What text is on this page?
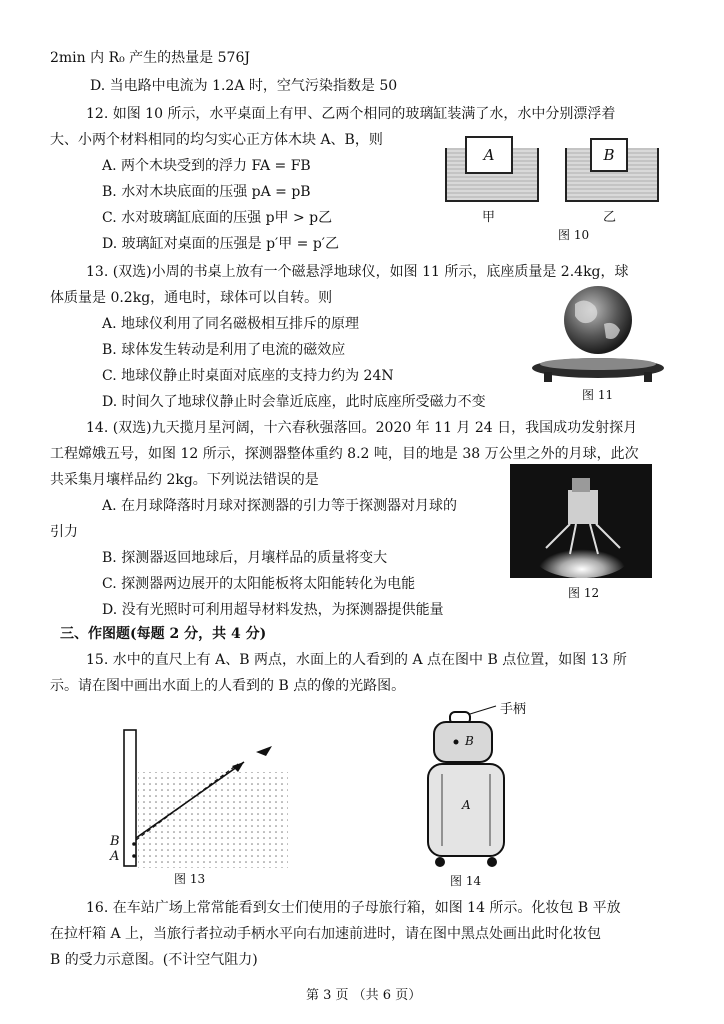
2min 内 R₀ 产生的热量是 576J
D. 当电路中电流为 1.2A 时，空气污染指数是 50
12. 如图 10 所示，水平桌面上有甲、乙两个相同的玻璃缸装满了水，水中分别漂浮着
大、小两个材料相同的均匀实心正方体木块 A、B，则
A. 两个木块受到的浮力 FA = FB
B. 水对木块底面的压强 pA = pB
C. 水对玻璃缸底面的压强 p甲 > p乙
D. 玻璃缸对桌面的压强是 p′甲 = p′乙
A	B
甲	乙
图 10
13. (双选)小周的书桌上放有一个磁悬浮地球仪，如图 11 所示，底座质量是 2.4kg，球
体质量是 0.2kg，通电时，球体可以自转。则
A. 地球仪利用了同名磁极相互排斥的原理
B. 球体发生转动是利用了电流的磁效应
C. 地球仪静止时桌面对底座的支持力约为 24N
D. 时间久了地球仪静止时会靠近底座，此时底座所受磁力不变	图 11
14. (双选)九天揽月星河阔，十六春秋强落回。2020 年 11 月 24 日，我国成功发射探月
工程嫦娥五号，如图 12 所示，探测器整体重约 8.2 吨，目的地是 38 万公里之外的月球，此次
共采集月壤样品约 2kg。下列说法错误的是
A. 在月球降落时月球对探测器的引力等于探测器对月球的
引力
B. 探测器返回地球后，月壤样品的质量将变大
C. 探测器两边展开的太阳能板将太阳能转化为电能
D. 没有光照时可利用超导材料发热，为探测器提供能量
图 12
三、作图题(每题 2 分，共 4 分)
15. 水中的直尺上有 A、B 两点，水面上的人看到的 A 点在图中 B 点位置，如图 13 所
示。请在图中画出水面上的人看到的 B 点的像的光路图。
B
A
图 13
手柄
B
A
图 14
16. 在车站广场上常常能看到女士们使用的子母旅行箱，如图 14 所示。化妆包 B 平放
在拉杆箱 A 上，当旅行者拉动手柄水平向右加速前进时，请在图中黑点处画出此时化妆包
B 的受力示意图。(不计空气阻力)
第 3 页 （共 6 页）
